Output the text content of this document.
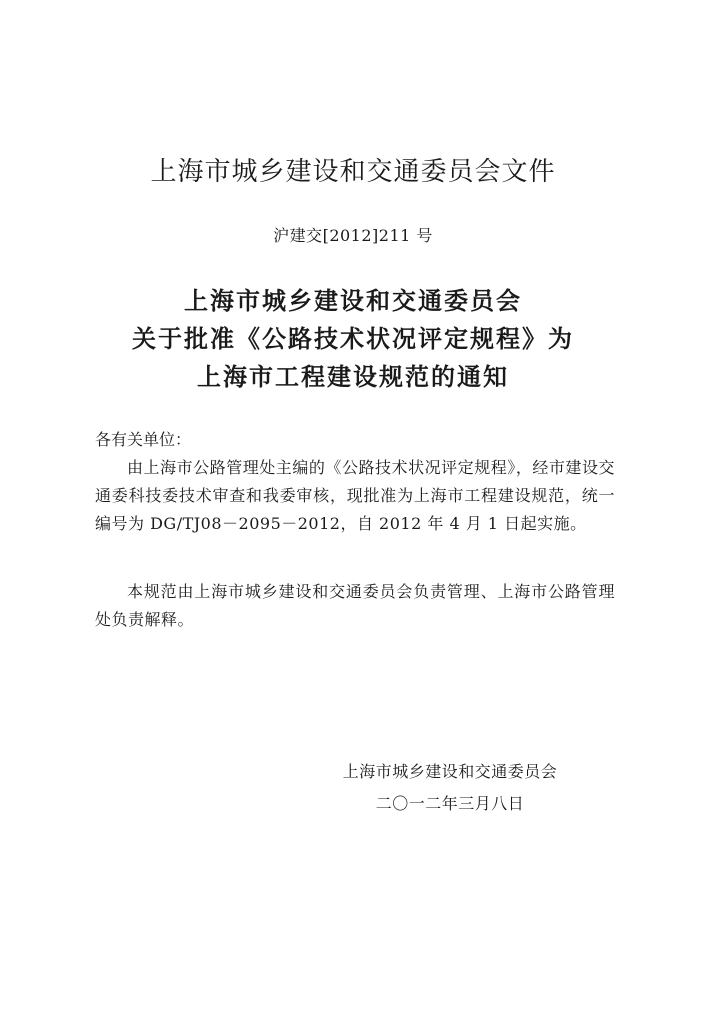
上海市城乡建设和交通委员会文件
沪建交[2012]211 号
上海市城乡建设和交通委员会
关于批准《公路技术状况评定规程》为
上海市工程建设规范的通知
各有关单位：

由上海市公路管理处主编的《公路技术状况评定规程》，经市建设交通委科技委技术审查和我委审核，现批准为上海市工程建设规范，统一编号为 DG/TJ08－2095－2012，自 2012 年 4 月 1 日起实施。

本规范由上海市城乡建设和交通委员会负责管理、上海市公路管理处负责解释。

上海市城乡建设和交通委员会
二〇一二年三月八日
